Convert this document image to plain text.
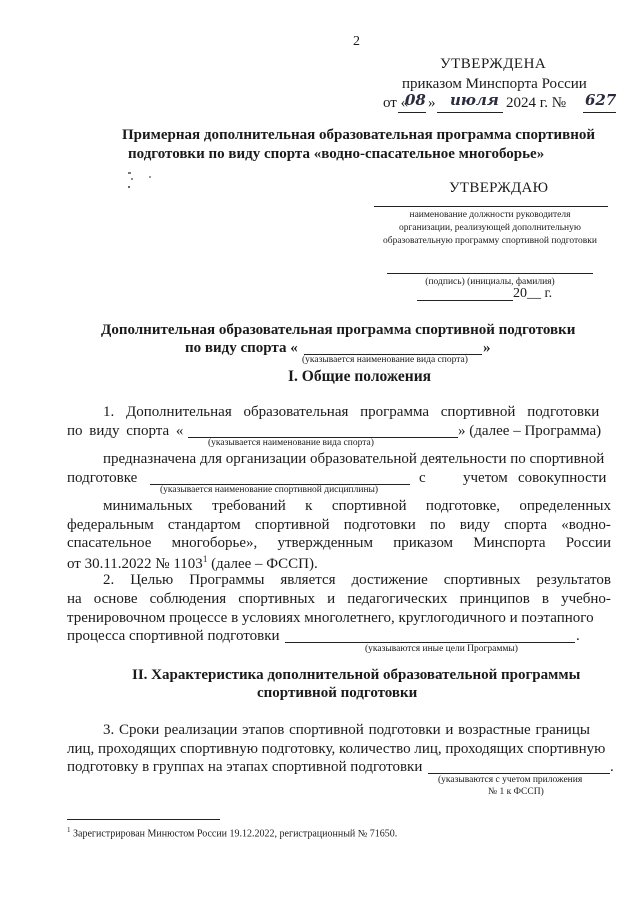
2
УТВЕРЖДЕНА
приказом Минспорта России
от «
08 » июля 2024 г. № 627
Примерная дополнительная образовательная программа спортивной
подготовки по виду спорта «водно-спасательное многоборье»
УТВЕРЖДАЮ
наименование должности руководителя
организации, реализующей дополнительную
образовательную программу спортивной подготовки
(подпись) (инициалы, фамилия)
20__ г.
Дополнительная образовательная программа спортивной подготовки
по виду спорта «	»
(указывается наименование вида спорта)
I. Общие положения
1. Дополнительная образовательная программа спортивной подготовки
по виду спорта «	» (далее – Программа)
(указывается наименование вида спорта)
предназначена для организации образовательной деятельности по спортивной
подготовке	с учетом совокупности
(указывается наименование спортивной дисциплины)
минимальных требований к спортивной подготовке, определенных
федеральным стандартом спортивной подготовки по виду спорта «водно-
спасательное многоборье», утвержденным приказом Минспорта России
от 30.11.2022 № 1103$^1$ (далее – ФССП).
2. Целью Программы является достижение спортивных результатов
на основе соблюдения спортивных и педагогических принципов в учебно-
тренировочном процессе в условиях многолетнего, круглогодичного и поэтапного
процесса спортивной подготовки	.
(указываются иные цели Программы)
II. Характеристика дополнительной образовательной программы
спортивной подготовки
3. Сроки реализации этапов спортивной подготовки и возрастные границы
лиц, проходящих спортивную подготовку, количество лиц, проходящих спортивную
подготовку в группах на этапах спортивной подготовки	.
(указываются с учетом приложения
№ 1 к ФССП)
$^1$ Зарегистрирован Минюстом России 19.12.2022, регистрационный № 71650.
